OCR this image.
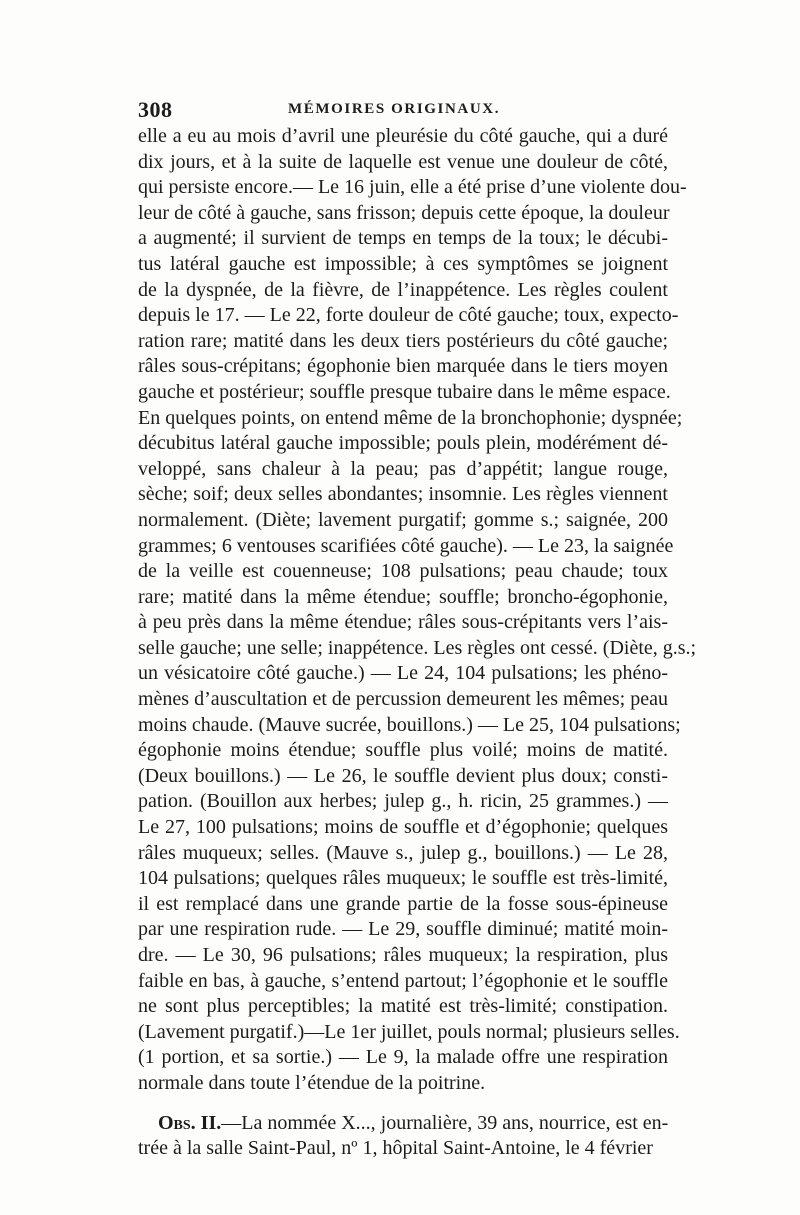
308	MÉMOIRES ORIGINAUX.
elle a eu au mois d’avril une pleurésie du côté gauche, qui a duré
dix jours, et à la suite de laquelle est venue une douleur de côté,
qui persiste encore.— Le 16 juin, elle a été prise d’une violente dou-
leur de côté à gauche, sans frisson; depuis cette époque, la douleur
a augmenté; il survient de temps en temps de la toux; le décubi-
tus latéral gauche est impossible; à ces symptômes se joignent
de la dyspnée, de la fièvre, de l’inappétence. Les règles coulent
depuis le 17. — Le 22, forte douleur de côté gauche; toux, expecto-
ration rare; matité dans les deux tiers postérieurs du côté gauche;
râles sous-crépitans; égophonie bien marquée dans le tiers moyen
gauche et postérieur; souffle presque tubaire dans le même espace.
En quelques points, on entend même de la bronchophonie; dyspnée;
décubitus latéral gauche impossible; pouls plein, modérément dé-
veloppé, sans chaleur à la peau; pas d’appétit; langue rouge,
sèche; soif; deux selles abondantes; insomnie. Les règles viennent
normalement. (Diète; lavement purgatif; gomme s.; saignée, 200
grammes; 6 ventouses scarifiées côté gauche). — Le 23, la saignée
de la veille est couenneuse; 108 pulsations; peau chaude; toux
rare; matité dans la même étendue; souffle; broncho-égophonie,
à peu près dans la même étendue; râles sous-crépitants vers l’ais-
selle gauche; une selle; inappétence. Les règles ont cessé. (Diète, g.s.;
un vésicatoire côté gauche.) — Le 24, 104 pulsations; les phéno-
mènes d’auscultation et de percussion demeurent les mêmes; peau
moins chaude. (Mauve sucrée, bouillons.) — Le 25, 104 pulsations;
égophonie moins étendue; souffle plus voilé; moins de matité.
(Deux bouillons.) — Le 26, le souffle devient plus doux; consti-
pation. (Bouillon aux herbes; julep g., h. ricin, 25 grammes.) —
Le 27, 100 pulsations; moins de souffle et d’égophonie; quelques
râles muqueux; selles. (Mauve s., julep g., bouillons.) — Le 28,
104 pulsations; quelques râles muqueux; le souffle est très-limité,
il est remplacé dans une grande partie de la fosse sous-épineuse
par une respiration rude. — Le 29, souffle diminué; matité moin-
dre. — Le 30, 96 pulsations; râles muqueux; la respiration, plus
faible en bas, à gauche, s’entend partout; l’égophonie et le souffle
ne sont plus perceptibles; la matité est très-limité; constipation.
(Lavement purgatif.)—Le 1er juillet, pouls normal; plusieurs selles.
(1 portion, et sa sortie.) — Le 9, la malade offre une respiration
normale dans toute l’étendue de la poitrine.
Obs. II.—La nommée X..., journalière, 39 ans, nourrice, est en-
trée à la salle Saint-Paul, nº 1, hôpital Saint-Antoine, le 4 février
